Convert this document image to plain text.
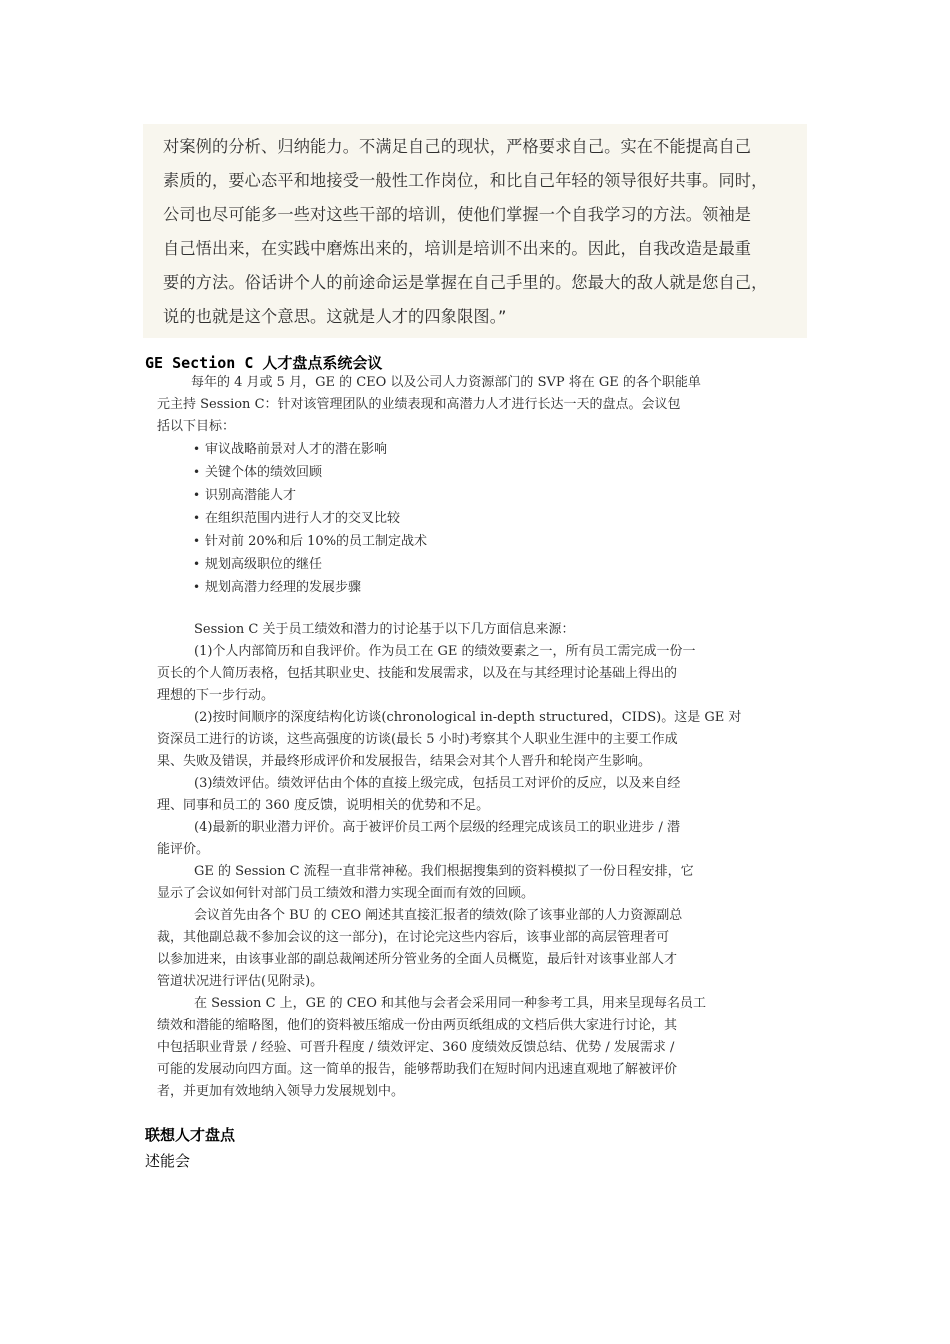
对案例的分析、归纳能力。不满足自己的现状，严格要求自己。实在不能提高自己
素质的，要心态平和地接受一般性工作岗位，和比自己年轻的领导很好共事。同时，
公司也尽可能多一些对这些干部的培训，使他们掌握一个自我学习的方法。领袖是
自己悟出来，在实践中磨炼出来的，培训是培训不出来的。因此，自我改造是最重
要的方法。俗话讲个人的前途命运是掌握在自己手里的。您最大的敌人就是您自己，
说的也就是这个意思。这就是人才的四象限图。”
GE Section C 人才盘点系统会议
每年的 4 月或 5 月，GE 的 CEO 以及公司人力资源部门的 SVP 将在 GE 的各个职能单
元主持 Session C：针对该管理团队的业绩表现和高潜力人才进行长达一天的盘点。会议包
括以下目标：
• 审议战略前景对人才的潜在影响
• 关键个体的绩效回顾
• 识别高潜能人才
• 在组织范围内进行人才的交叉比较
• 针对前 20%和后 10%的员工制定战术
• 规划高级职位的继任
• 规划高潜力经理的发展步骤
Session C 关于员工绩效和潜力的讨论基于以下几方面信息来源：
(1)个人内部简历和自我评价。作为员工在 GE 的绩效要素之一，所有员工需完成一份一
页长的个人简历表格，包括其职业史、技能和发展需求，以及在与其经理讨论基础上得出的
理想的下一步行动。
(2)按时间顺序的深度结构化访谈(chronological in-depth structured，CIDS)。这是 GE 对
资深员工进行的访谈，这些高强度的访谈(最长 5 小时)考察其个人职业生涯中的主要工作成
果、失败及错误，并最终形成评价和发展报告，结果会对其个人晋升和轮岗产生影响。
(3)绩效评估。绩效评估由个体的直接上级完成，包括员工对评价的反应，以及来自经
理、同事和员工的 360 度反馈，说明相关的优势和不足。
(4)最新的职业潜力评价。高于被评价员工两个层级的经理完成该员工的职业进步 / 潜
能评价。
GE 的 Session C 流程一直非常神秘。我们根据搜集到的资料模拟了一份日程安排，它
显示了会议如何针对部门员工绩效和潜力实现全面而有效的回顾。
会议首先由各个 BU 的 CEO 阐述其直接汇报者的绩效(除了该事业部的人力资源副总
裁，其他副总裁不参加会议的这一部分)，在讨论完这些内容后，该事业部的高层管理者可
以参加进来，由该事业部的副总裁阐述所分管业务的全面人员概览，最后针对该事业部人才
管道状况进行评估(见附录)。
在 Session C 上，GE 的 CEO 和其他与会者会采用同一种参考工具，用来呈现每名员工
绩效和潜能的缩略图，他们的资料被压缩成一份由两页纸组成的文档后供大家进行讨论，其
中包括职业背景 / 经验、可晋升程度 / 绩效评定、360 度绩效反馈总结、优势 / 发展需求 /
可能的发展动向四方面。这一简单的报告，能够帮助我们在短时间内迅速直观地了解被评价
者，并更加有效地纳入领导力发展规划中。
联想人才盘点
述能会
